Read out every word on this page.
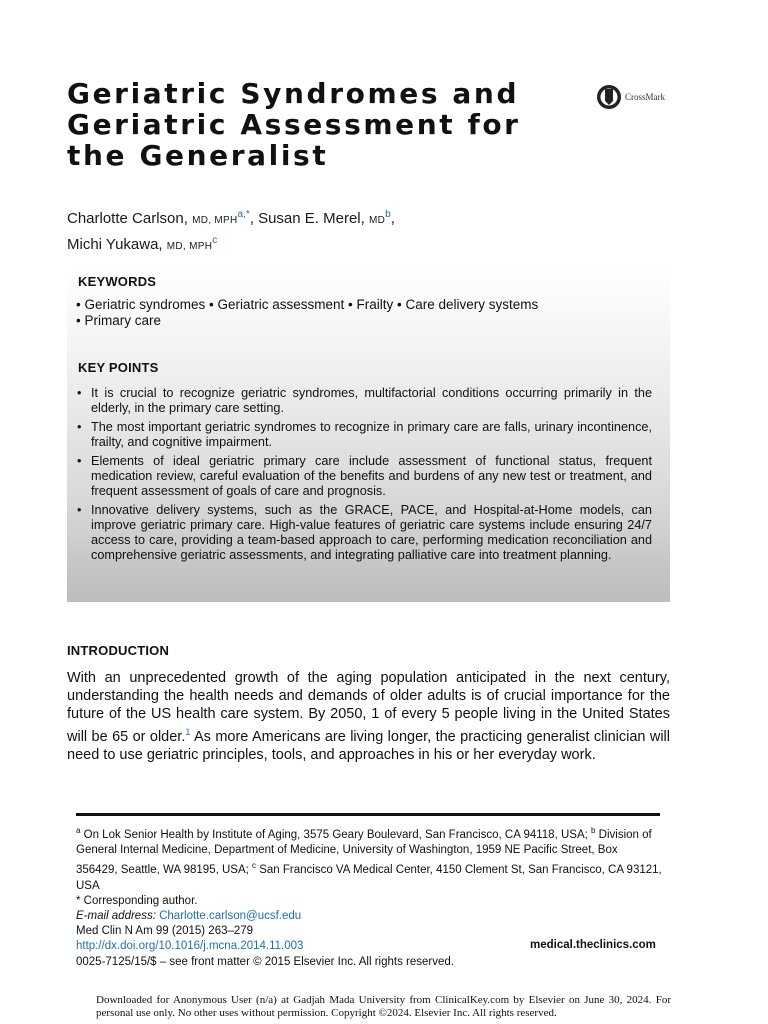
Geriatric Syndromes and
Geriatric Assessment for
the Generalist
CrossMark
Charlotte Carlson, MD, $MPH^{a,*}$, Susan E. Merel, $MD^b$,
Michi Yukawa, MD, MPH$^c$
KEYWORDS
• Geriatric syndromes • Geriatric assessment • Frailty • Care delivery systems
• Primary care
KEY POINTS
• It is crucial to recognize geriatric syndromes, multifactorial conditions occurring primarily in the elderly, in the primary care setting.
• The most important geriatric syndromes to recognize in primary care are falls, urinary incontinence, frailty, and cognitive impairment.
• Elements of ideal geriatric primary care include assessment of functional status, frequent medication review, careful evaluation of the benefits and burdens of any new test or treatment, and frequent assessment of goals of care and prognosis.
• Innovative delivery systems, such as the GRACE, PACE, and Hospital-at-Home models, can improve geriatric primary care. High-value features of geriatric care systems include ensuring 24/7 access to care, providing a team-based approach to care, performing medication reconciliation and comprehensive geriatric assessments, and integrating palliative care into treatment planning.
INTRODUCTION

With an unprecedented growth of the aging population anticipated in the next century, understanding the health needs and demands of older adults is of crucial importance for the future of the US health care system. By 2050, 1 of every 5 people living in the United States will be 65 or older.$^1$ As more Americans are living longer, the practicing generalist clinician will need to use geriatric principles, tools, and approaches in his or her everyday work.

$^a$ On Lok Senior Health by Institute of Aging, 3575 Geary Boulevard, San Francisco, CA 94118, USA; $^b$ Division of General Internal Medicine, Department of Medicine, University of Washington, 1959 NE Pacific Street, Box 356429, Seattle, WA 98195, USA; $^c$ San Francisco VA Medical Center, 4150 Clement St, San Francisco, CA 93121, USA
* Corresponding author.
E-mail address: Charlotte.carlson@ucsf.edu
Med Clin N Am 99 (2015) 263–279
http://dx.doi.org/10.1016/j.mcna.2014.11.003
0025-7125/15/$ – see front matter © 2015 Elsevier Inc. All rights reserved.
medical.theclinics.com
Downloaded for Anonymous User (n/a) at Gadjah Mada University from ClinicalKey.com by Elsevier on June 30, 2024. For personal use only. No other uses without permission. Copyright ©2024. Elsevier Inc. All rights reserved.
